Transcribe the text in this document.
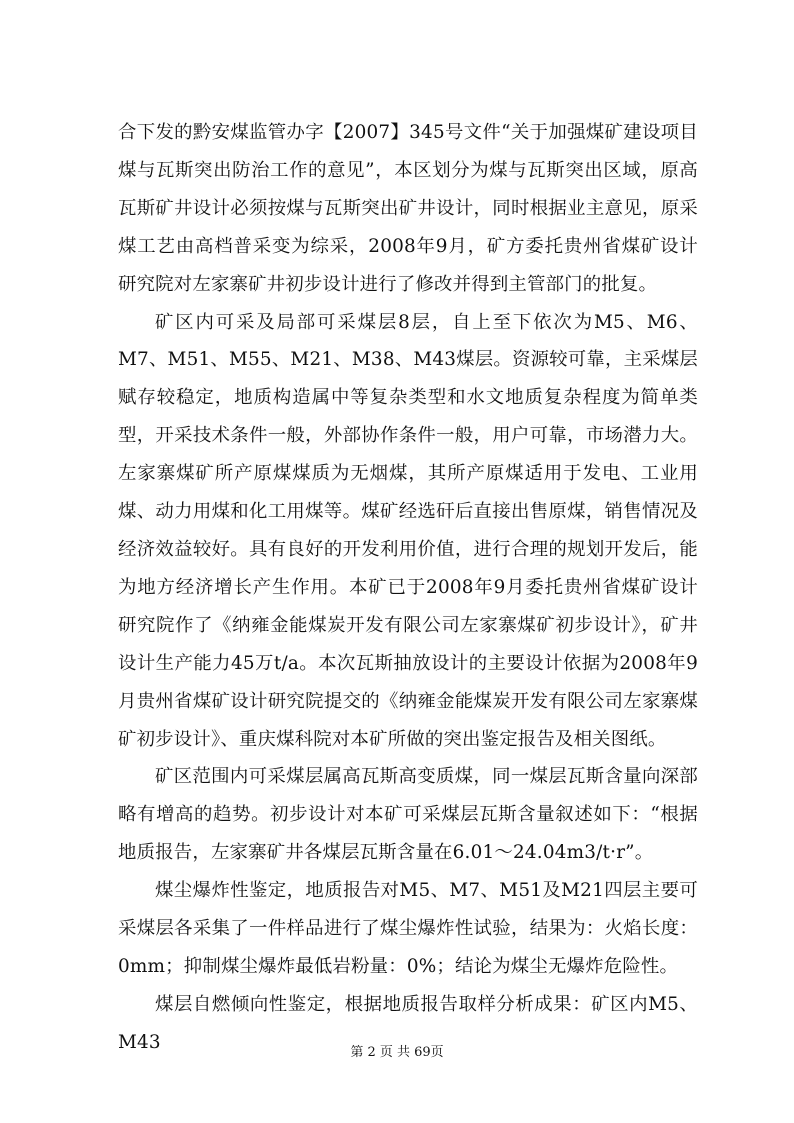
合下发的黔安煤监管办字【2007】345号文件“关于加强煤矿建设项目煤与瓦斯突出防治工作的意见”，本区划分为煤与瓦斯突出区域，原高瓦斯矿井设计必须按煤与瓦斯突出矿井设计，同时根据业主意见，原采煤工艺由高档普采变为综采，2008年9月，矿方委托贵州省煤矿设计研究院对左家寨矿井初步设计进行了修改并得到主管部门的批复。

矿区内可采及局部可采煤层8层，自上至下依次为M5、M6、M7、M51、M55、M21、M38、M43煤层。资源较可靠，主采煤层赋存较稳定，地质构造属中等复杂类型和水文地质复杂程度为简单类型，开采技术条件一般，外部协作条件一般，用户可靠，市场潜力大。左家寨煤矿所产原煤煤质为无烟煤，其所产原煤适用于发电、工业用煤、动力用煤和化工用煤等。煤矿经选矸后直接出售原煤，销售情况及经济效益较好。具有良好的开发利用价值，进行合理的规划开发后，能为地方经济增长产生作用。本矿已于2008年9月委托贵州省煤矿设计研究院作了《纳雍金能煤炭开发有限公司左家寨煤矿初步设计》，矿井设计生产能力45万t/a。本次瓦斯抽放设计的主要设计依据为2008年9月贵州省煤矿设计研究院提交的《纳雍金能煤炭开发有限公司左家寨煤矿初步设计》、重庆煤科院对本矿所做的突出鉴定报告及相关图纸。

矿区范围内可采煤层属高瓦斯高变质煤，同一煤层瓦斯含量向深部略有增高的趋势。初步设计对本矿可采煤层瓦斯含量叙述如下：“根据地质报告，左家寨矿井各煤层瓦斯含量在6.01～24.04m3/t·r”。

煤尘爆炸性鉴定，地质报告对M5、M7、M51及M21四层主要可采煤层各采集了一件样品进行了煤尘爆炸性试验，结果为：火焰长度：0mm；抑制煤尘爆炸最低岩粉量：0%；结论为煤尘无爆炸危险性。

煤层自燃倾向性鉴定，根据地质报告取样分析成果：矿区内M5、M43	第 2 页 共 69页
